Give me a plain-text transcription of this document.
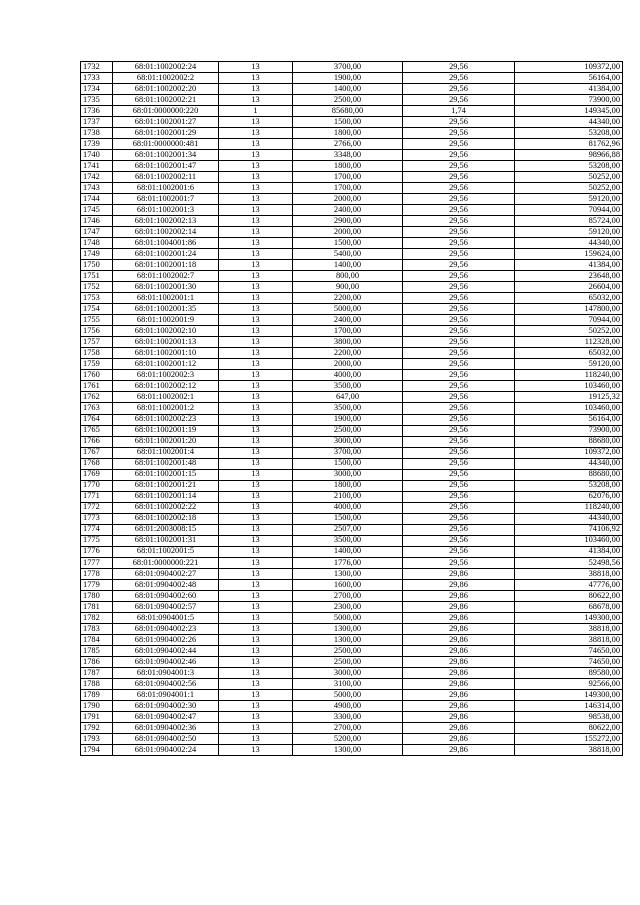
1732	68:01:1002002:24	13	3700,00	29,56	109372,00
1733	68:01:1002002:2	13	1900,00	29,56	56164,00
1734	68:01:1002002:20	13	1400,00	29,56	41384,00
1735	68:01:1002002:21	13	2500,00	29,56	73900,00
1736	68:01:0000000:220	1	85680,00	1,74	149345,00
1737	68:01:1002001:27	13	1500,00	29,56	44340,00
1738	68:01:1002001:29	13	1800,00	29,56	53208,00
1739	68:01:0000000:481	13	2766,00	29,56	81762,96
1740	68:01:1002001:34	13	3348,00	29,56	98966,88
1741	68:01:1002001:47	13	1800,00	29,56	53208,00
1742	68:01:1002002:11	13	1700,00	29,56	50252,00
1743	68:01:1002001:6	13	1700,00	29,56	50252,00
1744	68:01:1002001:7	13	2000,00	29,56	59120,00
1745	68:01:1002001:3	13	2400,00	29,56	70944,00
1746	68:01:1002002:13	13	2900,00	29,56	85724,00
1747	68:01:1002002:14	13	2000,00	29,56	59120,00
1748	68:01:1004001:86	13	1500,00	29,56	44340,00
1749	68:01:1002001:24	13	5400,00	29,56	159624,00
1750	68:01:1002001:18	13	1400,00	29,56	41384,00
1751	68:01:1002002:7	13	800,00	29,56	23648,00
1752	68:01:1002001:30	13	900,00	29,56	26604,00
1753	68:01:1002001:1	13	2200,00	29,56	65032,00
1754	68:01:1002001:35	13	5000,00	29,56	147800,00
1755	68:01:1002001:9	13	2400,00	29,56	70944,00
1756	68:01:1002002:10	13	1700,00	29,56	50252,00
1757	68:01:1002001:13	13	3800,00	29,56	112328,00
1758	68:01:1002001:10	13	2200,00	29,56	65032,00
1759	68:01:1002001:12	13	2000,00	29,56	59120,00
1760	68:01:1002002:3	13	4000,00	29,56	118240,00
1761	68:01:1002002:12	13	3500,00	29,56	103460,00
1762	68:01:1002002:1	13	647,00	29,56	19125,32
1763	68:01:1002001:2	13	3500,00	29,56	103460,00
1764	68:01:1002002:23	13	1900,00	29,56	56164,00
1765	68:01:1002001:19	13	2500,00	29,56	73900,00
1766	68:01:1002001:20	13	3000,00	29,56	88680,00
1767	68:01:1002001:4	13	3700,00	29,56	109372,00
1768	68:01:1002001:48	13	1500,00	29,56	44340,00
1769	68:01:1002001:15	13	3000,00	29,56	88680,00
1770	68:01:1002001:21	13	1800,00	29,56	53208,00
1771	68:01:1002001:14	13	2100,00	29,56	62076,00
1772	68:01:1002002:22	13	4000,00	29,56	118240,00
1773	68:01:1002002:18	13	1500,00	29,56	44340,00
1774	68:01:2003008:15	13	2507,00	29,56	74106,92
1775	68:01:1002001:31	13	3500,00	29,56	103460,00
1776	68:01:1002001:5	13	1400,00	29,56	41384,00
1777	68:01:0000000:221	13	1776,00	29,56	52498,56
1778	68:01:0904002:27	13	1300,00	29,86	38818,00
1779	68:01:0904002:48	13	1600,00	29,86	47776,00
1780	68:01:0904002:60	13	2700,00	29,86	80622,00
1781	68:01:0904002:57	13	2300,00	29,86	68678,00
1782	68:01:0904001:5	13	5000,00	29,86	149300,00
1783	68:01:0904002:23	13	1300,00	29,86	38818,00
1784	68:01:0904002:26	13	1300,00	29,86	38818,00
1785	68:01:0904002:44	13	2500,00	29,86	74650,00
1786	68:01:0904002:46	13	2500,00	29,86	74650,00
1787	68:01:0904001:3	13	3000,00	29,86	89580,00
1788	68:01:0904002:56	13	3100,00	29,86	92566,00
1789	68:01:0904001:1	13	5000,00	29,86	149300,00
1790	68:01:0904002:30	13	4900,00	29,86	146314,00
1791	68:01:0904002:47	13	3300,00	29,86	98538,00
1792	68:01:0904002:36	13	2700,00	29,86	80622,00
1793	68:01:0904002:50	13	5200,00	29,86	155272,00
1794	68:01:0904002:24	13	1300,00	29,86	38818,00
